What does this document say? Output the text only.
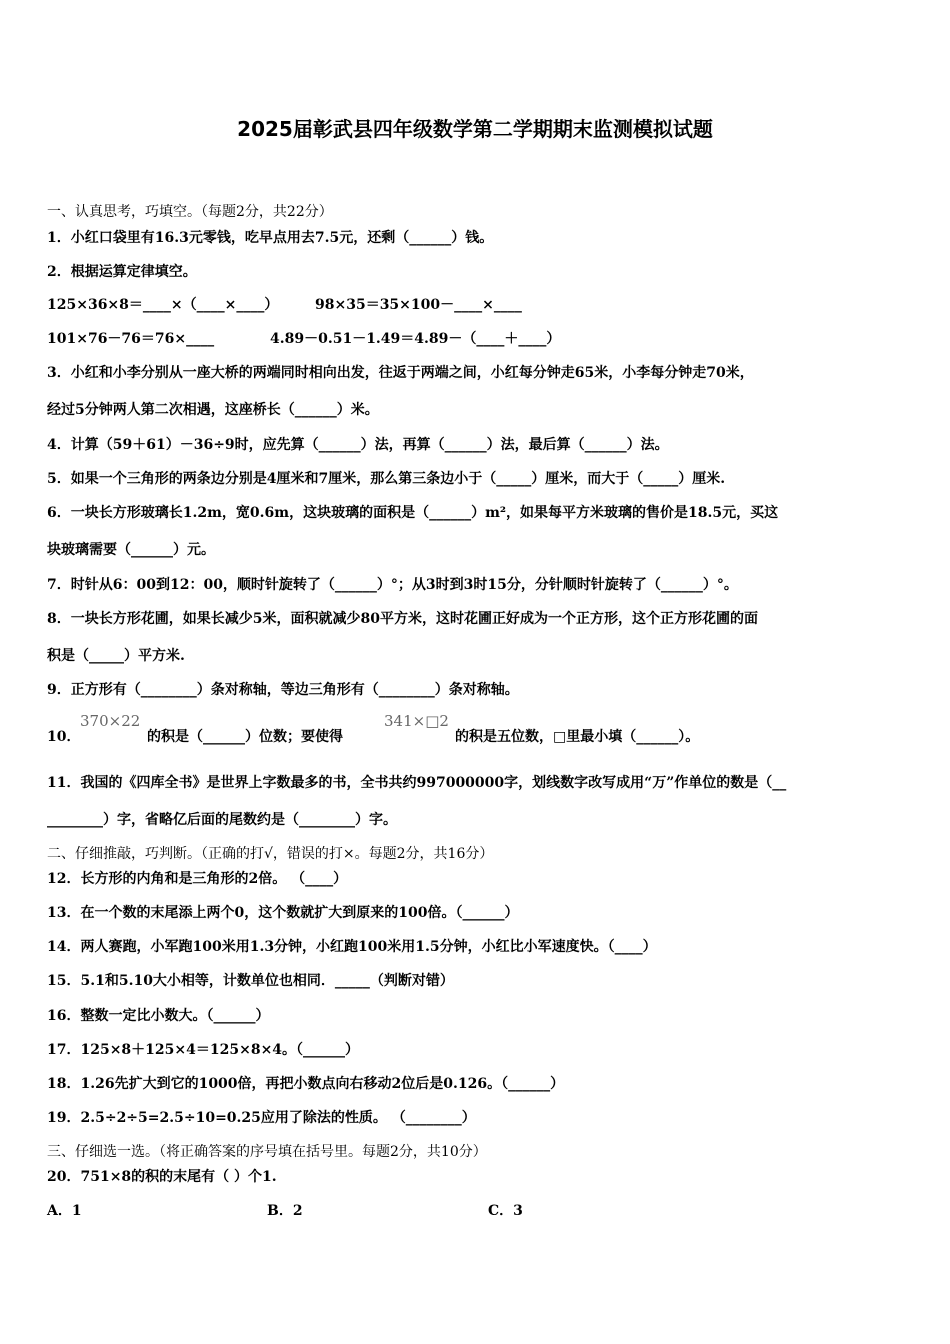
2025届彰武县四年级数学第二学期期末监测模拟试题
一、认真思考，巧填空。（每题2分，共22分）
1．小红口袋里有16.3元零钱，吃早点用去7.5元，还剩（______）钱。
2．根据运算定律填空。
125×36×8＝____×（____×____）	98×35＝35×100－____×____
101×76－76＝76×____	4.89－0.51－1.49＝4.89－（____＋____）
3．小红和小李分别从一座大桥的两端同时相向出发，往返于两端之间，小红每分钟走65米，小李每分钟走70米，
经过5分钟两人第二次相遇，这座桥长（______）米。
4．计算（59＋61）－36÷9时，应先算（______）法，再算（______）法，最后算（______）法。
5．如果一个三角形的两条边分别是4厘米和7厘米，那么第三条边小于（_____）厘米，而大于（_____）厘米.
6．一块长方形玻璃长1.2m，宽0.6m，这块玻璃的面积是（______）m²，如果每平方米玻璃的售价是18.5元，买这
块玻璃需要（______）元。
7．时针从6：00到12：00，顺时针旋转了（______）°；从3时到3时15分，分针顺时针旋转了（______）°。
8．一块长方形花圃，如果长减少5米，面积就减少80平方米，这时花圃正好成为一个正方形，这个正方形花圃的面
积是（_____）平方米.
9．正方形有（________）条对称轴，等边三角形有（________）条对称轴。
10．
370×22
的积是（______）位数；要使得
341×□2
的积是五位数，□里最小填（______）。
11．我国的《四库全书》是世界上字数最多的书，全书共约997000000字，划线数字改写成用“万”作单位的数是（__
________）字，省略亿后面的尾数约是（________）字。
二、仔细推敲，巧判断。（正确的打√，错误的打×。每题2分，共16分）
12．长方形的内角和是三角形的2倍。 （____）
13．在一个数的末尾添上两个0，这个数就扩大到原来的100倍。（______）
14．两人赛跑，小军跑100米用1.3分钟，小红跑100米用1.5分钟，小红比小军速度快。（____）
15．5.1和5.10大小相等，计数单位也相同．_____（判断对错）
16．整数一定比小数大。（______）
17．125×8＋125×4＝125×8×4。（______）
18．1.26先扩大到它的1000倍，再把小数点向右移动2位后是0.126。（______）
19．2.5÷2÷5=2.5÷10=0.25应用了除法的性质。 （________）
三、仔细选一选。（将正确答案的序号填在括号里。每题2分，共10分）
20．751×8的积的末尾有（ ）个1.
A．1	B．2	C．3
